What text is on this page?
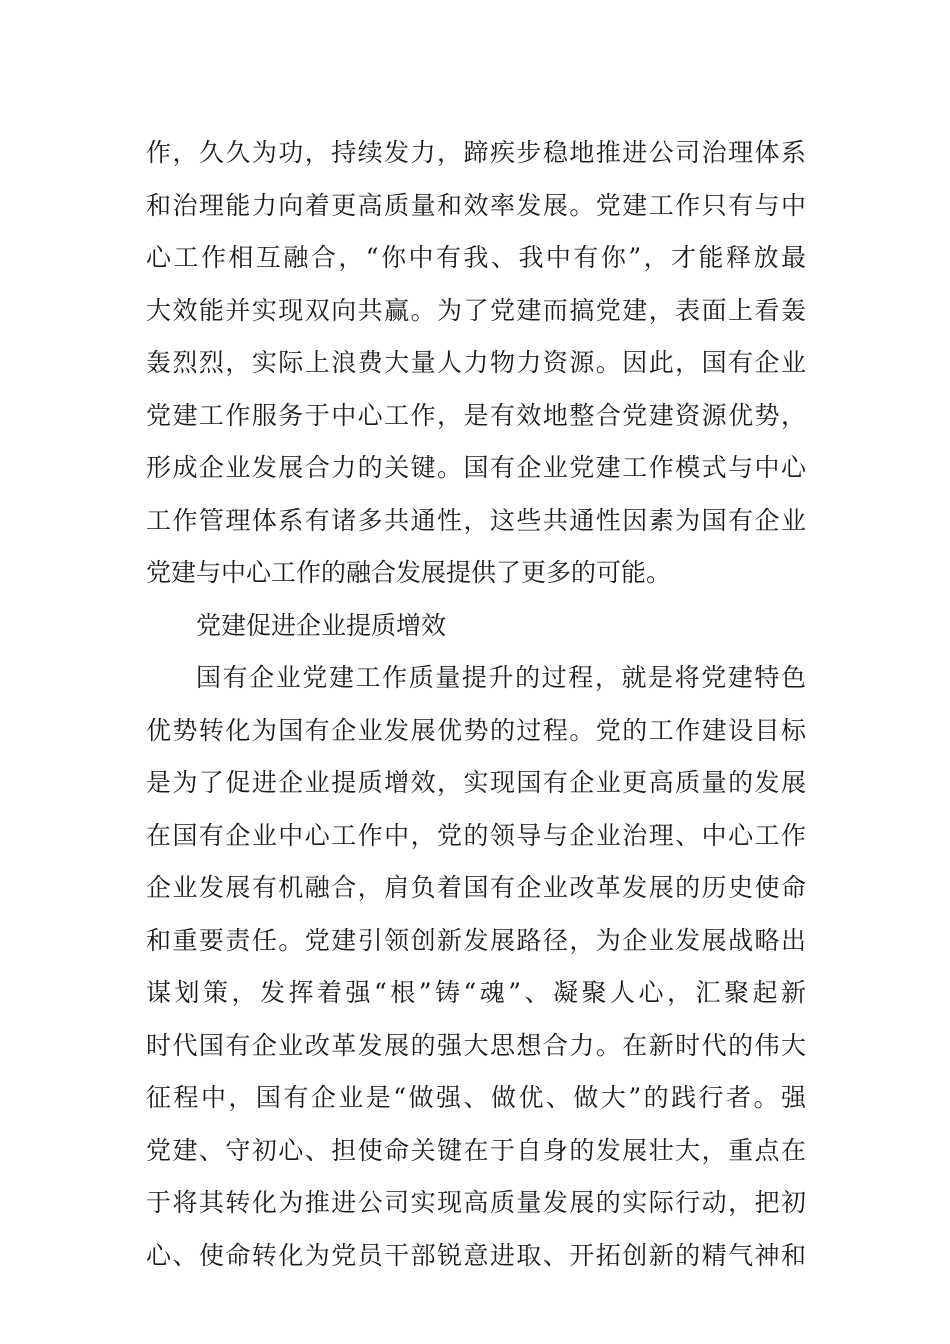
作，久久为功，持续发力，蹄疾步稳地推进公司治理体系
和治理能力向着更高质量和效率发展。党建工作只有与中
心工作相互融合，“你中有我、我中有你”，才能释放最
大效能并实现双向共赢。为了党建而搞党建，表面上看轰
轰烈烈，实际上浪费大量人力物力资源。因此，国有企业
党建工作服务于中心工作，是有效地整合党建资源优势，
形成企业发展合力的关键。国有企业党建工作模式与中心
工作管理体系有诸多共通性，这些共通性因素为国有企业
党建与中心工作的融合发展提供了更多的可能。
党建促进企业提质增效
国有企业党建工作质量提升的过程，就是将党建特色
优势转化为国有企业发展优势的过程。党的工作建设目标
是为了促进企业提质增效，实现国有企业更高质量的发展
在国有企业中心工作中，党的领导与企业治理、中心工作
企业发展有机融合，肩负着国有企业改革发展的历史使命
和重要责任。党建引领创新发展路径，为企业发展战略出
谋划策，发挥着强“根”铸“魂”、凝聚人心，汇聚起新
时代国有企业改革发展的强大思想合力。在新时代的伟大
征程中，国有企业是“做强、做优、做大”的践行者。强
党建、守初心、担使命关键在于自身的发展壮大，重点在
于将其转化为推进公司实现高质量发展的实际行动，把初
心、使命转化为党员干部锐意进取、开拓创新的精气神和
